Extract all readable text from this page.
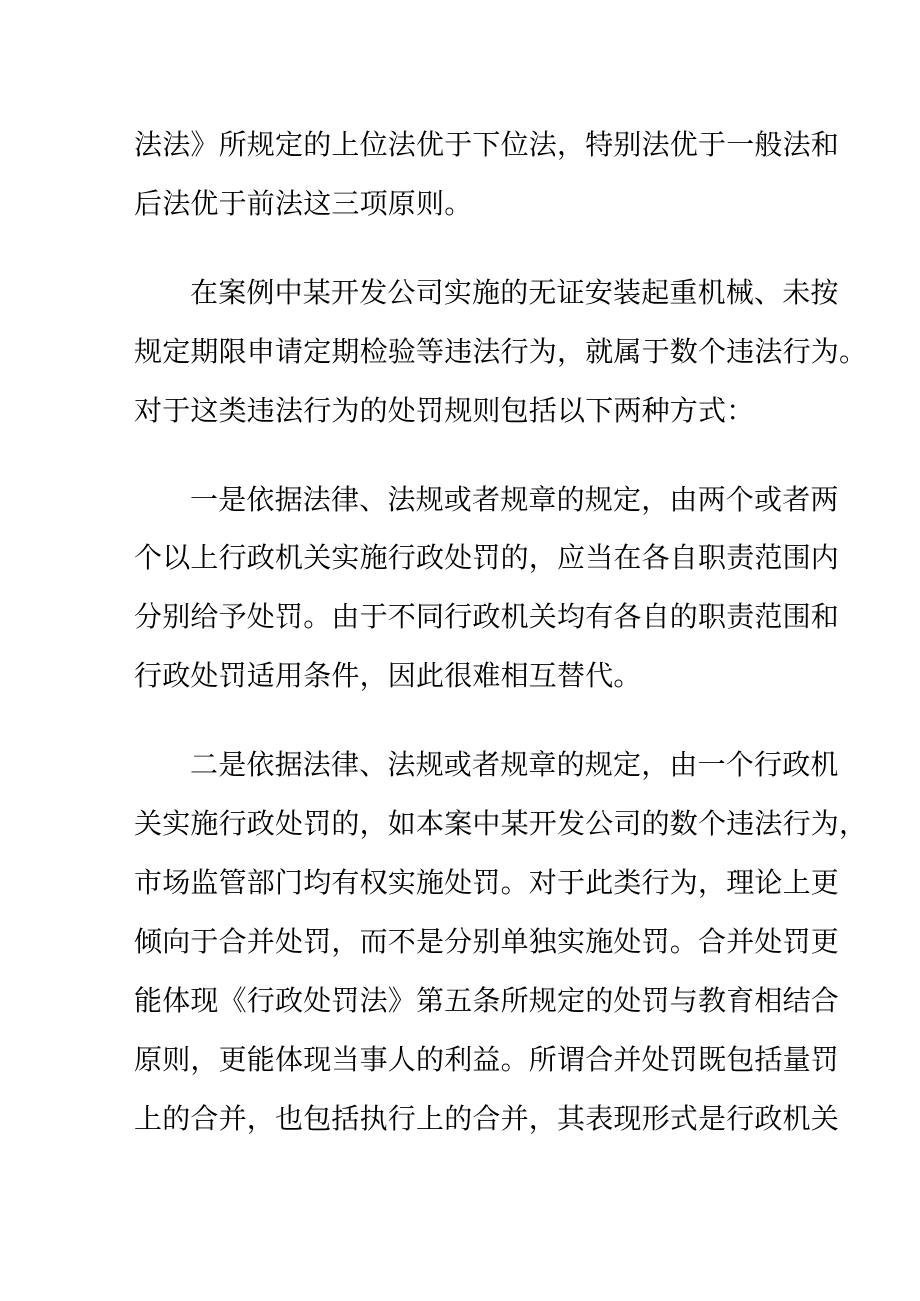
法法》所规定的上位法优于下位法，特别法优于一般法和
后法优于前法这三项原则。
在案例中某开发公司实施的无证安装起重机械、未按
规定期限申请定期检验等违法行为，就属于数个违法行为。
对于这类违法行为的处罚规则包括以下两种方式：
一是依据法律、法规或者规章的规定，由两个或者两
个以上行政机关实施行政处罚的，应当在各自职责范围内
分别给予处罚。由于不同行政机关均有各自的职责范围和
行政处罚适用条件，因此很难相互替代。
二是依据法律、法规或者规章的规定，由一个行政机
关实施行政处罚的，如本案中某开发公司的数个违法行为，
市场监管部门均有权实施处罚。对于此类行为，理论上更
倾向于合并处罚，而不是分别单独实施处罚。合并处罚更
能体现《行政处罚法》第五条所规定的处罚与教育相结合
原则，更能体现当事人的利益。所谓合并处罚既包括量罚
上的合并，也包括执行上的合并，其表现形式是行政机关
